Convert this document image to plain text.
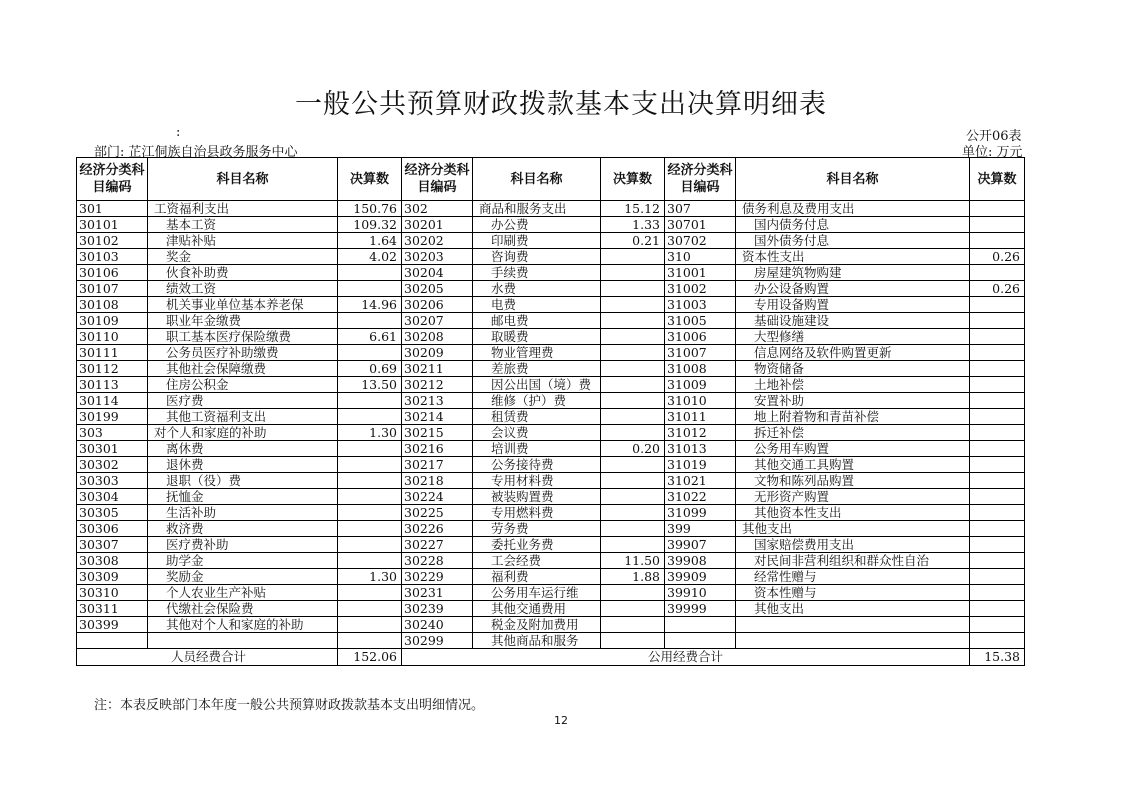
一般公共预算财政拨款基本支出决算明细表
:	公开06表
部门: 芷江侗族自治县政务服务中心	单位: 万元
经济分类科目编码	科目名称	决算数	经济分类科目编码	科目名称	决算数	经济分类科目编码	科目名称	决算数
301	工资福利支出	150.76	302	商品和服务支出	15.12	307	债务利息及费用支出	
30101	基本工资	109.32	30201	办公费	1.33	30701	国内债务付息	
30102	津贴补贴	1.64	30202	印刷费	0.21	30702	国外债务付息	
30103	奖金	4.02	30203	咨询费		310	资本性支出	0.26
30106	伙食补助费		30204	手续费		31001	房屋建筑物购建	
30107	绩效工资		30205	水费		31002	办公设备购置	0.26
30108	机关事业单位基本养老保	14.96	30206	电费		31003	专用设备购置	
30109	职业年金缴费		30207	邮电费		31005	基础设施建设	
30110	职工基本医疗保险缴费	6.61	30208	取暖费		31006	大型修缮	
30111	公务员医疗补助缴费		30209	物业管理费		31007	信息网络及软件购置更新	
30112	其他社会保障缴费	0.69	30211	差旅费		31008	物资储备	
30113	住房公积金	13.50	30212	因公出国（境）费		31009	土地补偿	
30114	医疗费		30213	维修（护）费		31010	安置补助	
30199	其他工资福利支出		30214	租赁费		31011	地上附着物和青苗补偿	
303	对个人和家庭的补助	1.30	30215	会议费		31012	拆迁补偿	
30301	离休费		30216	培训费	0.20	31013	公务用车购置	
30302	退休费		30217	公务接待费		31019	其他交通工具购置	
30303	退职（役）费		30218	专用材料费		31021	文物和陈列品购置	
30304	抚恤金		30224	被装购置费		31022	无形资产购置	
30305	生活补助		30225	专用燃料费		31099	其他资本性支出	
30306	救济费		30226	劳务费		399	其他支出	
30307	医疗费补助		30227	委托业务费		39907	国家赔偿费用支出	
30308	助学金		30228	工会经费	11.50	39908	对民间非营利组织和群众性自治	
30309	奖励金	1.30	30229	福利费	1.88	39909	经常性赠与	
30310	个人农业生产补贴		30231	公务用车运行维		39910	资本性赠与	
30311	代缴社会保险费		30239	其他交通费用		39999	其他支出	
30399	其他对个人和家庭的补助		30240	税金及附加费用				
			30299	其他商品和服务				
人员经费合计		152.06	公用经费合计					15.38
注：本表反映部门本年度一般公共预算财政拨款基本支出明细情况。
12
